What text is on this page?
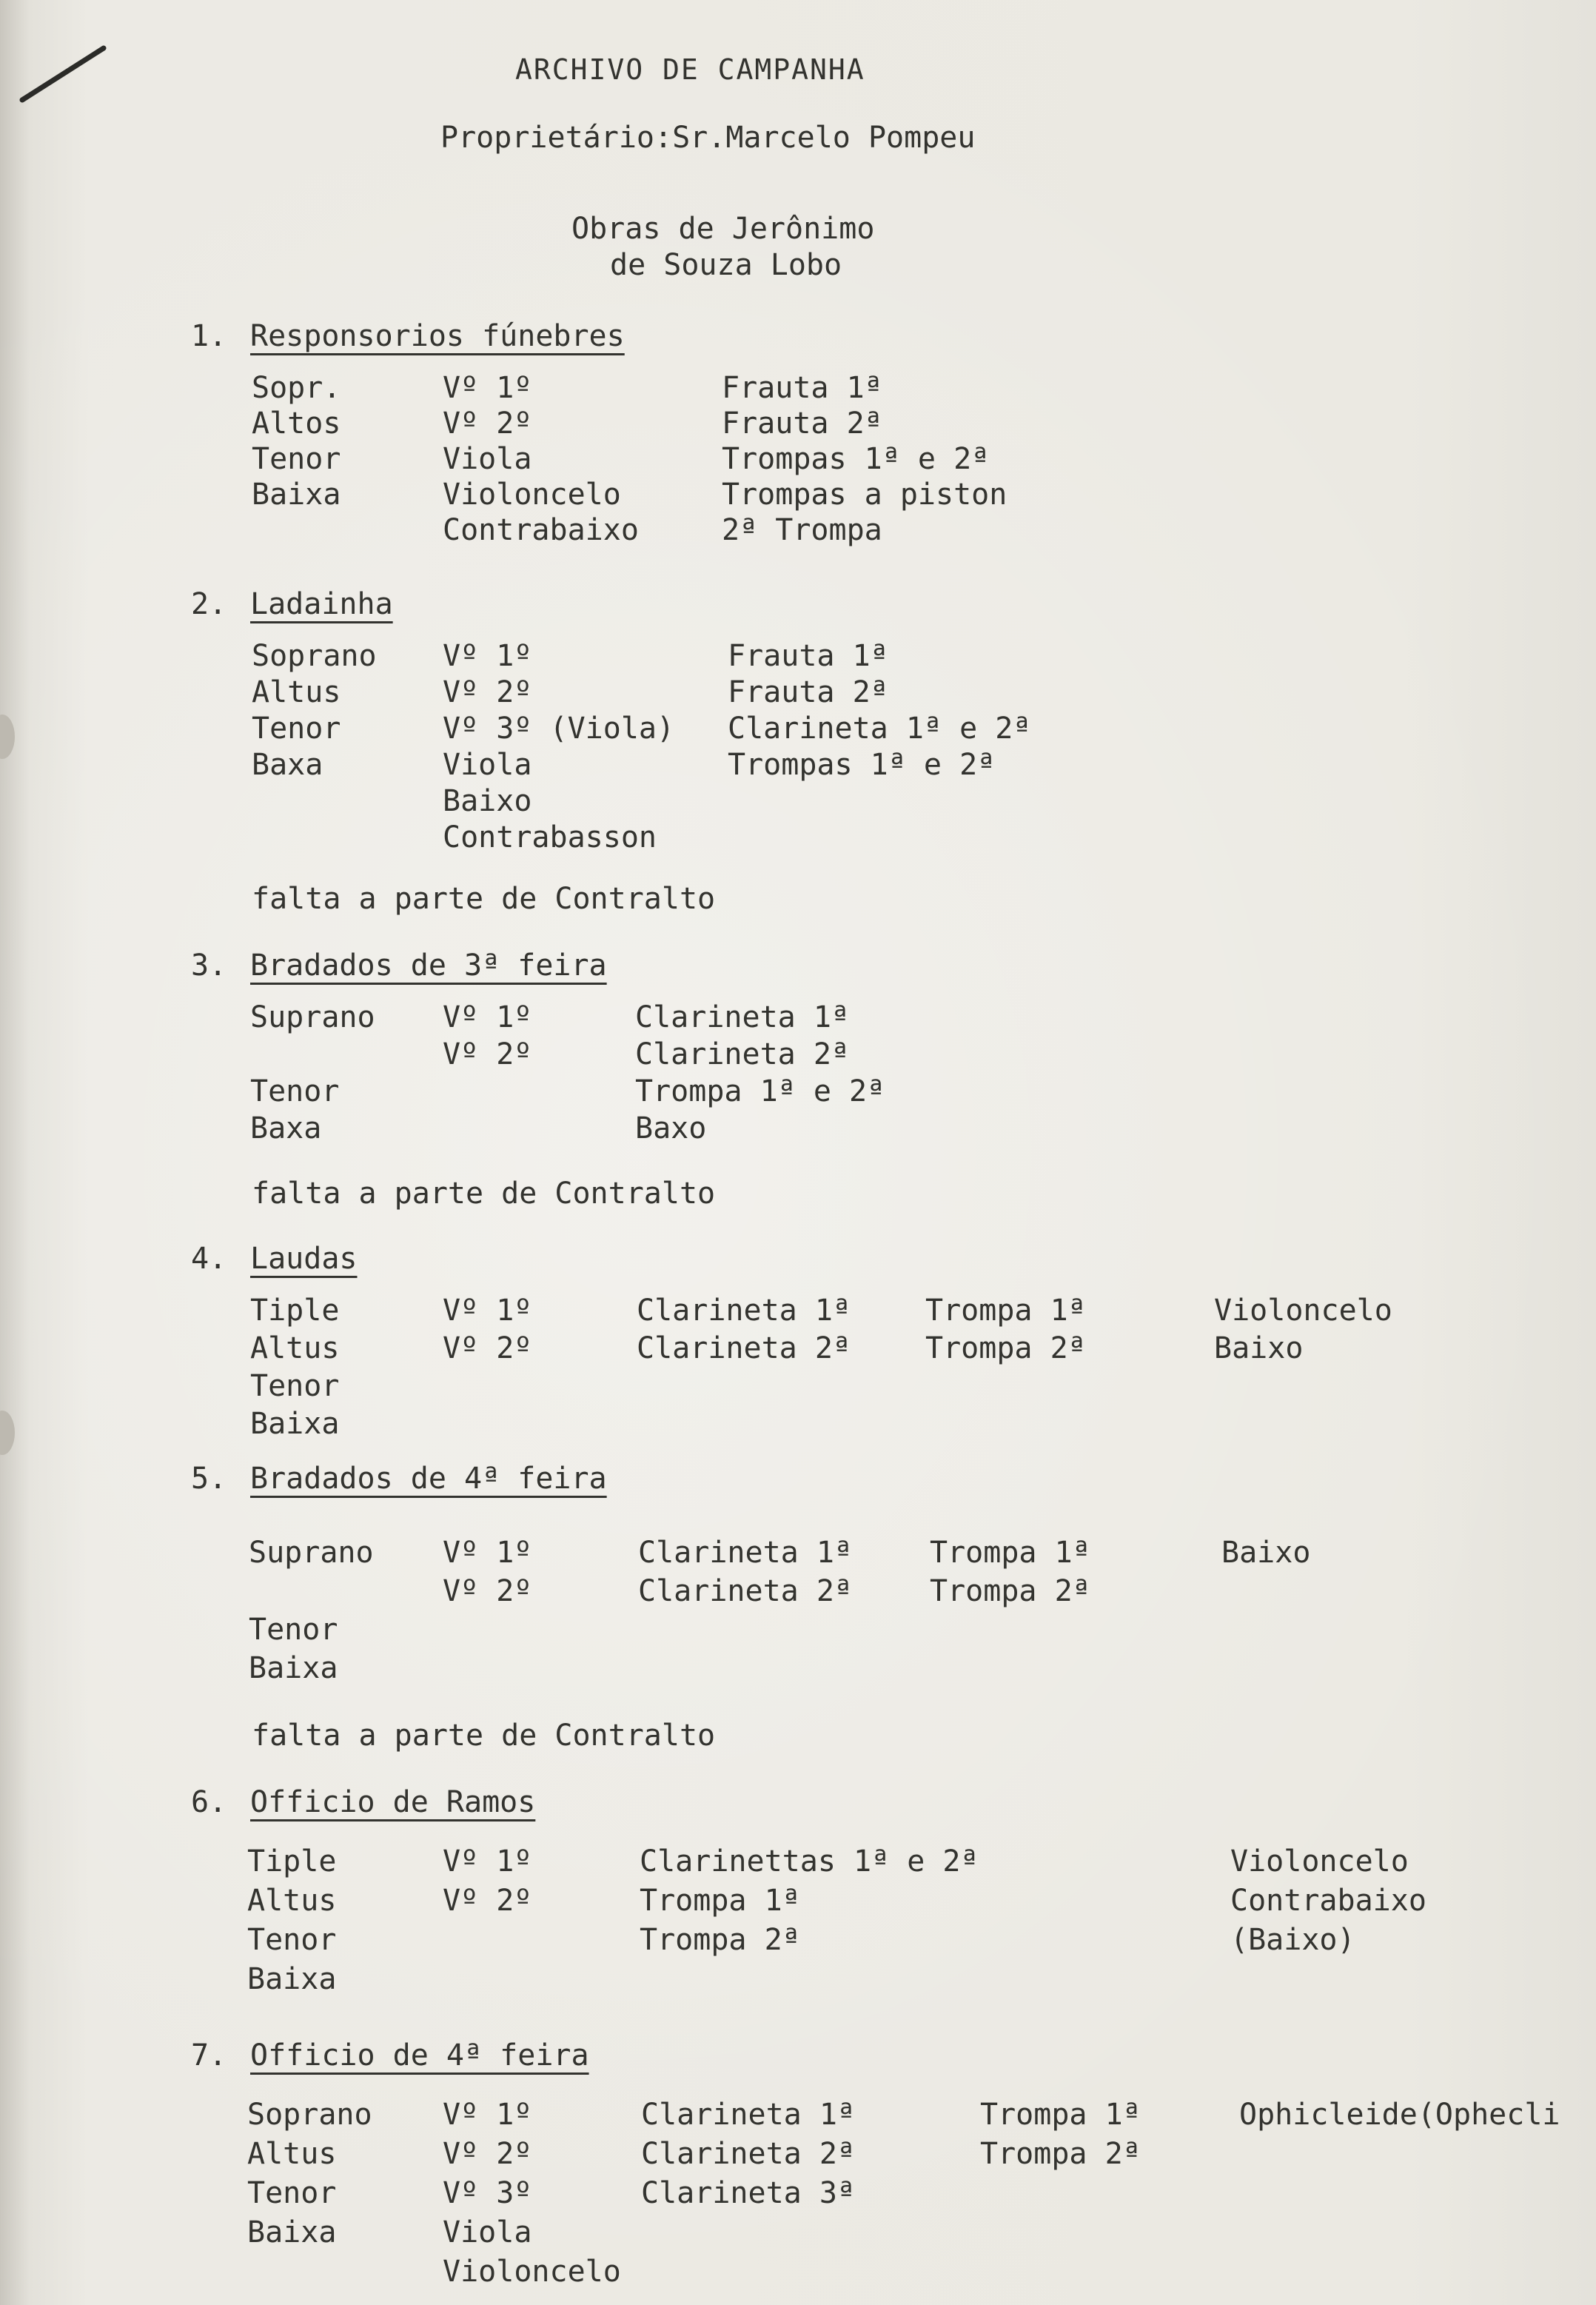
ARCHIVO DE CAMPANHA
Proprietário:Sr.Marcelo Pompeu
Obras de Jerônimo
de Souza Lobo
1. Responsorios fúnebres
Sopr.
Altos
Tenor
Baixa
Vº 1º
Vº 2º
Viola
Violoncelo
Contrabaixo
Frauta 1ª
Frauta 2ª
Trompas 1ª e 2ª
Trompas a piston
2ª Trompa
2. Ladainha
Soprano
Altus
Tenor
Baxa
Vº 1º
Vº 2º
Vº 3º (Viola)
Viola
Baixo
Contrabasson
Frauta 1ª
Frauta 2ª
Clarineta 1ª e 2ª
Trompas 1ª e 2ª
falta a parte de Contralto
3. Bradados de 3ª feira
Suprano
Tenor
Baxa
Vº 1º
Vº 2º
Clarineta 1ª
Clarineta 2ª
Trompa 1ª e 2ª
Baxo
falta a parte de Contralto
4. Laudas
Tiple
Altus
Tenor
Baixa
Vº 1º
Vº 2º
Clarineta 1ª
Clarineta 2ª
Trompa 1ª
Trompa 2ª
Violoncelo
Baixo
5. Bradados de 4ª feira
Suprano
Tenor
Baixa
Vº 1º
Vº 2º
Clarineta 1ª
Clarineta 2ª
Trompa 1ª
Trompa 2ª
Baixo
falta a parte de Contralto
6. Officio de Ramos
Tiple
Altus
Tenor
Baixa
Vº 1º
Vº 2º
Clarinettas 1ª e 2ª
Trompa 1ª
Trompa 2ª
Violoncelo
Contrabaixo
(Baixo)
7. Officio de 4ª feira
Soprano
Altus
Tenor
Baixa
Vº 1º
Vº 2º
Vº 3º
Viola
Violoncelo
Clarineta 1ª
Clarineta 2ª
Clarineta 3ª
Trompa 1ª
Trompa 2ª
Ophicleide(Ophecli
